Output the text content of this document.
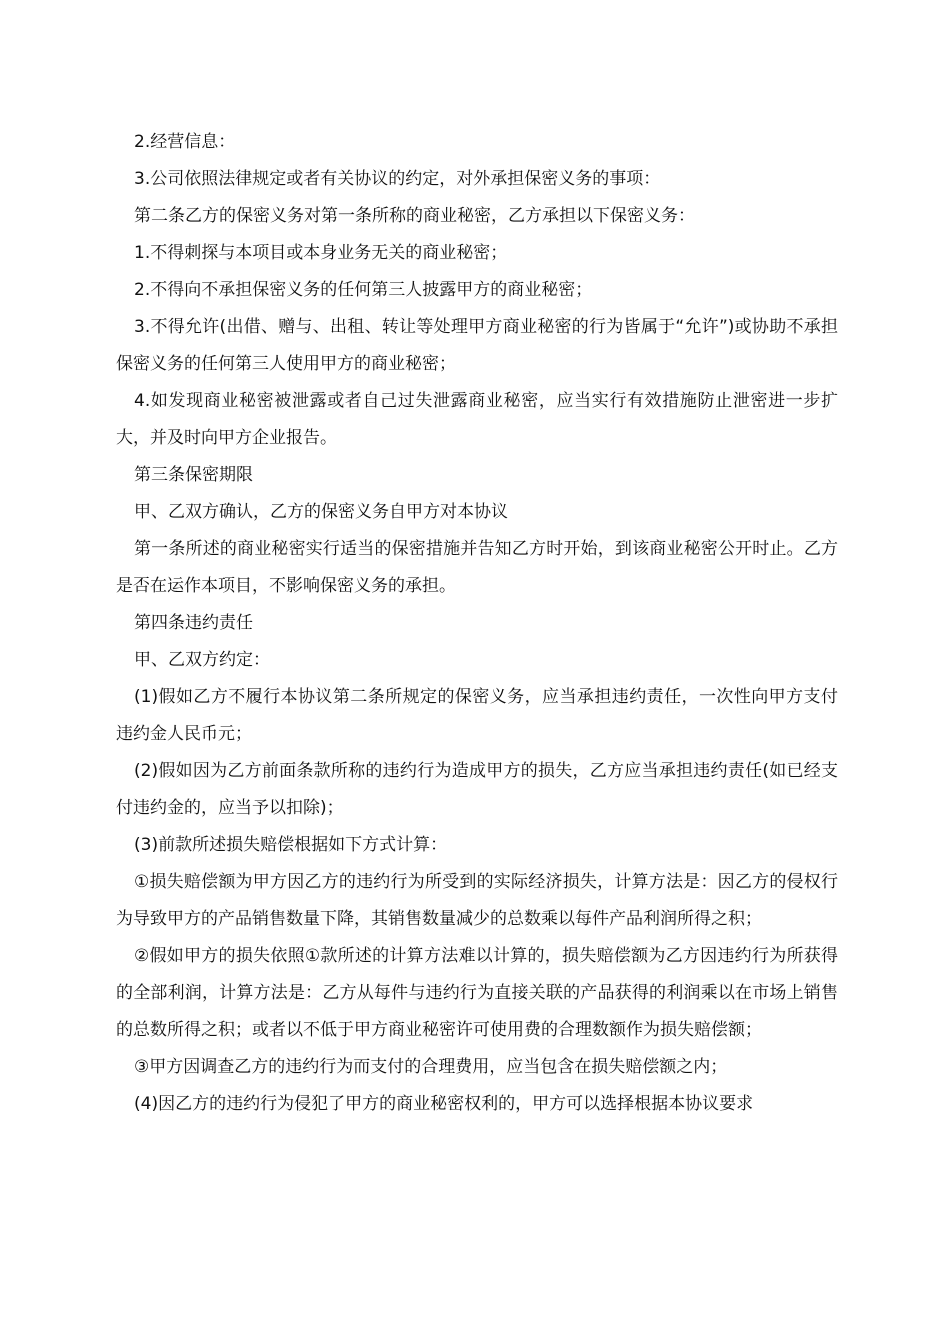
2.经营信息：

3.公司依照法律规定或者有关协议的约定，对外承担保密义务的事项：

第二条乙方的保密义务对第一条所称的商业秘密，乙方承担以下保密义务：

1.不得刺探与本项目或本身业务无关的商业秘密；

2.不得向不承担保密义务的任何第三人披露甲方的商业秘密；

3.不得允许(出借、赠与、出租、转让等处理甲方商业秘密的行为皆属于“允许”)或协助不承担保密义务的任何第三人使用甲方的商业秘密；

4.如发现商业秘密被泄露或者自己过失泄露商业秘密，应当实行有效措施防止泄密进一步扩大，并及时向甲方企业报告。

第三条保密期限

甲、乙双方确认，乙方的保密义务自甲方对本协议

第一条所述的商业秘密实行适当的保密措施并告知乙方时开始，到该商业秘密公开时止。乙方是否在运作本项目，不影响保密义务的承担。

第四条违约责任

甲、乙双方约定：

(1)假如乙方不履行本协议第二条所规定的保密义务，应当承担违约责任，一次性向甲方支付违约金人民币元；

(2)假如因为乙方前面条款所称的违约行为造成甲方的损失，乙方应当承担违约责任(如已经支付违约金的，应当予以扣除)；

(3)前款所述损失赔偿根据如下方式计算：

①损失赔偿额为甲方因乙方的违约行为所受到的实际经济损失，计算方法是：因乙方的侵权行为导致甲方的产品销售数量下降，其销售数量减少的总数乘以每件产品利润所得之积；

②假如甲方的损失依照①款所述的计算方法难以计算的，损失赔偿额为乙方因违约行为所获得的全部利润，计算方法是：乙方从每件与违约行为直接关联的产品获得的利润乘以在市场上销售的总数所得之积；或者以不低于甲方商业秘密许可使用费的合理数额作为损失赔偿额；

③甲方因调查乙方的违约行为而支付的合理费用，应当包含在损失赔偿额之内；

(4)因乙方的违约行为侵犯了甲方的商业秘密权利的，甲方可以选择根据本协议要求
